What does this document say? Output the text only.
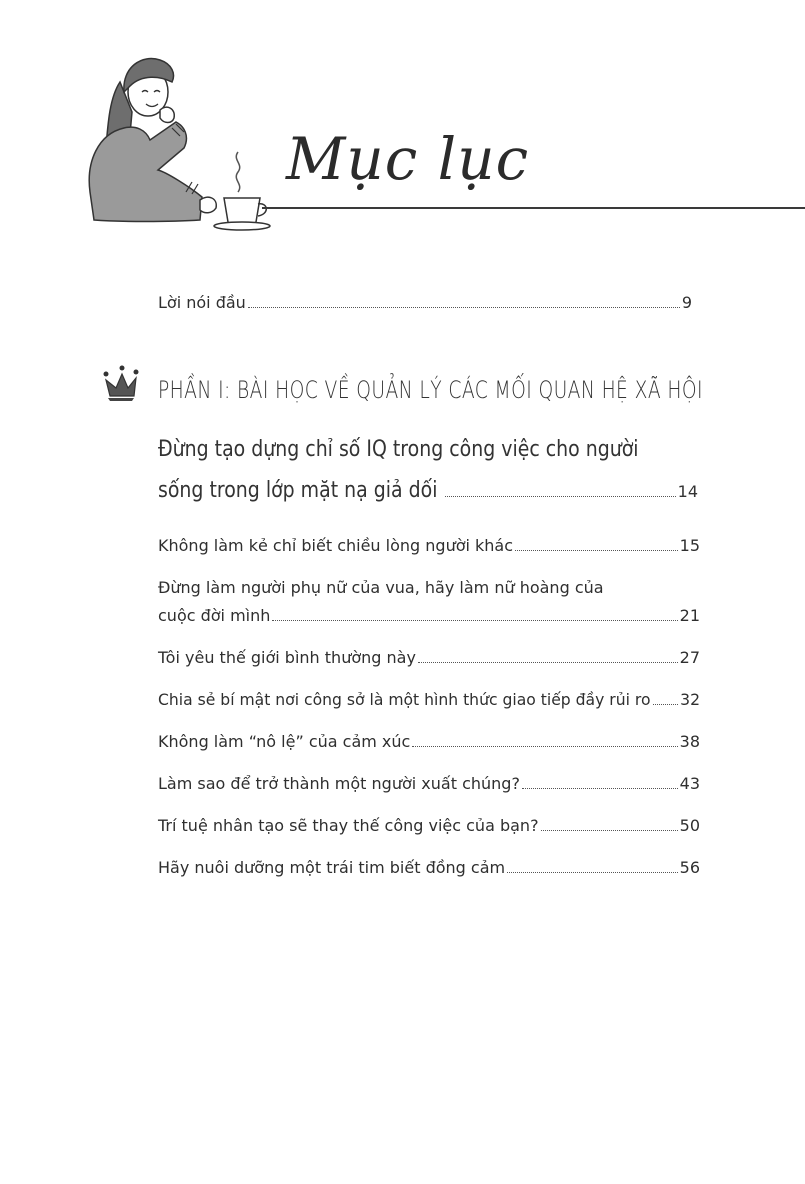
Mục lục
Lời nói đầu	9
PHẦN I: BÀI HỌC VỀ QUẢN LÝ CÁC MỐI QUAN HỆ XÃ HỘI
Đừng tạo dựng chỉ số IQ trong công việc cho người
sống trong lớp mặt nạ giả dối	14
Không làm kẻ chỉ biết chiều lòng người khác	15
Đừng làm người phụ nữ của vua, hãy làm nữ hoàng của
cuộc đời mình	21
Tôi yêu thế giới bình thường này	27
Chia sẻ bí mật nơi công sở là một hình thức giao tiếp đầy rủi ro 32
Không làm “nô lệ” của cảm xúc	38
Làm sao để trở thành một người xuất chúng?	43
Trí tuệ nhân tạo sẽ thay thế công việc của bạn?	50
Hãy nuôi dưỡng một trái tim biết đồng cảm	56
